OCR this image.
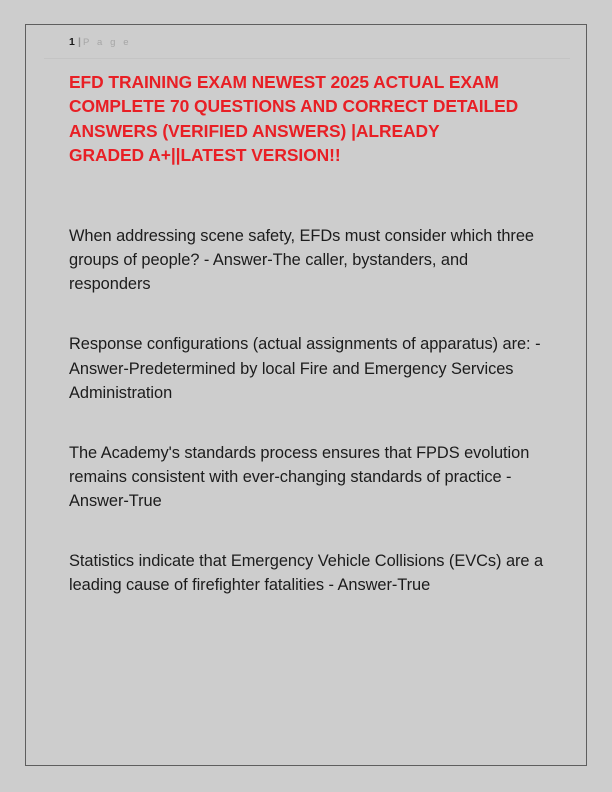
1 | P a g e
EFD TRAINING EXAM NEWEST 2025 ACTUAL EXAM
COMPLETE 70 QUESTIONS AND CORRECT DETAILED
ANSWERS (VERIFIED ANSWERS) |ALREADY
GRADED A+||LATEST VERSION!!

When addressing scene safety, EFDs must consider which three groups of people? - Answer-The caller, bystanders, and responders

Response configurations (actual assignments of apparatus) are: - Answer-Predetermined by local Fire and Emergency Services Administration

The Academy's standards process ensures that FPDS evolution remains consistent with ever-changing standards of practice - Answer-True

Statistics indicate that Emergency Vehicle Collisions (EVCs) are a leading cause of firefighter fatalities - Answer-True
